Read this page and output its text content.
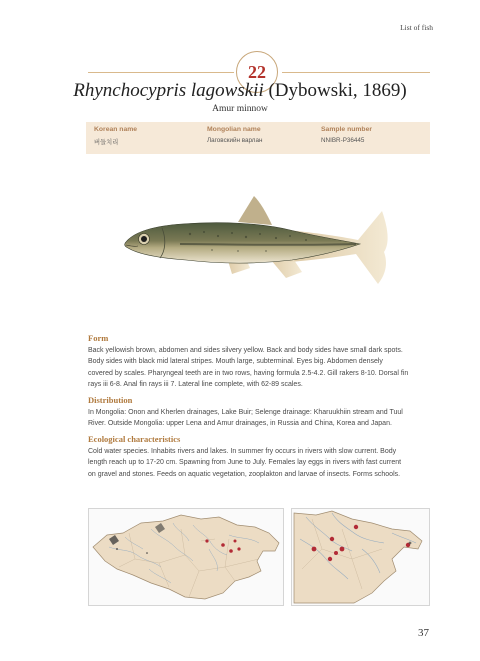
List of fish
22
Rhynchocypris lagowskii (Dybowski, 1869)
Amur minnow
Korean name
버들치리
Mongolian name
Лаговскийн варлан
Sample number
NNIBR-P36445
Form
Back yellowish brown, abdomen and sides silvery yellow. Back and body sides have small dark spots.
Body sides with black mid lateral stripes. Mouth large, subterminal. Eyes big. Abdomen densely
covered by scales. Pharyngeal teeth are in two rows, having formula 2.5-4.2. Gill rakers 8-10. Dorsal fin
rays iii 6-8. Anal fin rays iii 7. Lateral line complete, with 62-89 scales.
Distribution
In Mongolia: Onon and Kherlen drainages, Lake Buir; Selenge drainage: Kharuukhiin stream and Tuul
River. Outside Mongolia: upper Lena and Amur drainages, in Russia and China, Korea and Japan.
Ecological characteristics
Cold water species. Inhabits rivers and lakes. In summer fry occurs in rivers with slow current. Body
length reach up to 17-20 cm. Spawning from June to July. Females lay eggs in rivers with fast current
on gravel and stones. Feeds on aquatic vegetation, zooplakton and larvae of insects. Forms schools.
37
